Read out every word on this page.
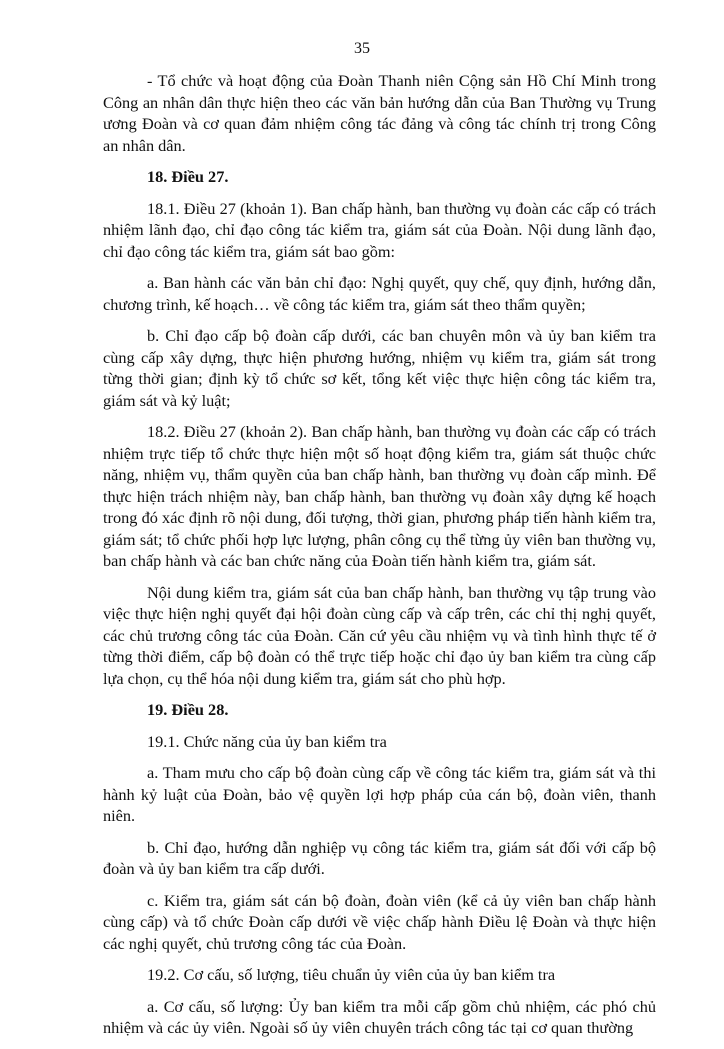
35

- Tổ chức và hoạt động của Đoàn Thanh niên Cộng sản Hồ Chí Minh trong Công an nhân dân thực hiện theo các văn bản hướng dẫn của Ban Thường vụ Trung ương Đoàn và cơ quan đảm nhiệm công tác đảng và công tác chính trị trong Công an nhân dân.

18. Điều 27.

18.1. Điều 27 (khoản 1). Ban chấp hành, ban thường vụ đoàn các cấp có trách nhiệm lãnh đạo, chỉ đạo công tác kiểm tra, giám sát của Đoàn. Nội dung lãnh đạo, chỉ đạo công tác kiểm tra, giám sát bao gồm:

a. Ban hành các văn bản chỉ đạo: Nghị quyết, quy chế, quy định, hướng dẫn, chương trình, kế hoạch… về công tác kiểm tra, giám sát theo thẩm quyền;

b. Chỉ đạo cấp bộ đoàn cấp dưới, các ban chuyên môn và ủy ban kiểm tra cùng cấp xây dựng, thực hiện phương hướng, nhiệm vụ kiểm tra, giám sát trong từng thời gian; định kỳ tổ chức sơ kết, tổng kết việc thực hiện công tác kiểm tra, giám sát và kỷ luật;

18.2. Điều 27 (khoản 2). Ban chấp hành, ban thường vụ đoàn các cấp có trách nhiệm trực tiếp tổ chức thực hiện một số hoạt động kiểm tra, giám sát thuộc chức năng, nhiệm vụ, thẩm quyền của ban chấp hành, ban thường vụ đoàn cấp mình. Để thực hiện trách nhiệm này, ban chấp hành, ban thường vụ đoàn xây dựng kế hoạch trong đó xác định rõ nội dung, đối tượng, thời gian, phương pháp tiến hành kiểm tra, giám sát; tổ chức phối hợp lực lượng, phân công cụ thể từng ủy viên ban thường vụ, ban chấp hành và các ban chức năng của Đoàn tiến hành kiểm tra, giám sát.

Nội dung kiểm tra, giám sát của ban chấp hành, ban thường vụ tập trung vào việc thực hiện nghị quyết đại hội đoàn cùng cấp và cấp trên, các chỉ thị nghị quyết, các chủ trương công tác của Đoàn. Căn cứ yêu cầu nhiệm vụ và tình hình thực tế ở từng thời điểm, cấp bộ đoàn có thể trực tiếp hoặc chỉ đạo ủy ban kiểm tra cùng cấp lựa chọn, cụ thể hóa nội dung kiểm tra, giám sát cho phù hợp.

19. Điều 28.

19.1. Chức năng của ủy ban kiểm tra

a. Tham mưu cho cấp bộ đoàn cùng cấp về công tác kiểm tra, giám sát và thi hành kỷ luật của Đoàn, bảo vệ quyền lợi hợp pháp của cán bộ, đoàn viên, thanh niên.

b. Chỉ đạo, hướng dẫn nghiệp vụ công tác kiểm tra, giám sát đối với cấp bộ đoàn và ủy ban kiểm tra cấp dưới.

c. Kiểm tra, giám sát cán bộ đoàn, đoàn viên (kể cả ủy viên ban chấp hành cùng cấp) và tổ chức Đoàn cấp dưới về việc chấp hành Điều lệ Đoàn và thực hiện các nghị quyết, chủ trương công tác của Đoàn.

19.2. Cơ cấu, số lượng, tiêu chuẩn ủy viên của ủy ban kiểm tra

a. Cơ cấu, số lượng: Ủy ban kiểm tra mỗi cấp gồm chủ nhiệm, các phó chủ nhiệm và các ủy viên. Ngoài số ủy viên chuyên trách công tác tại cơ quan thường
